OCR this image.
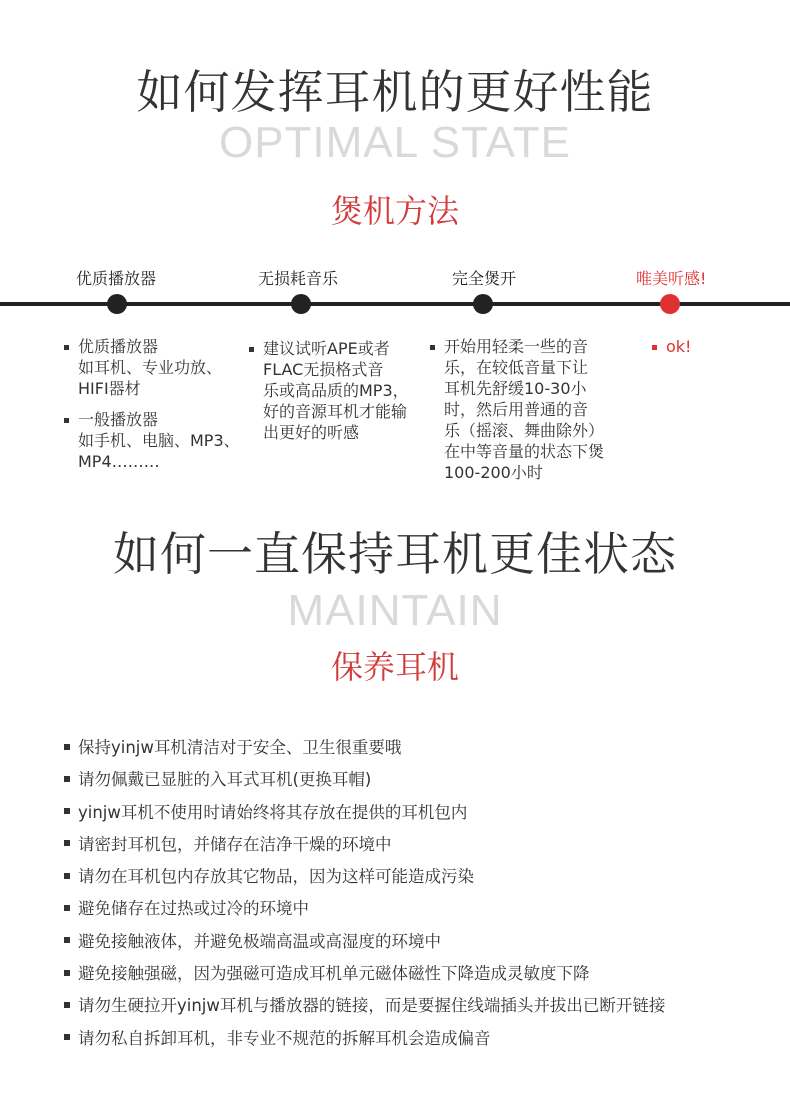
如何发挥耳机的更好性能
OPTIMAL STATE
煲机方法
优质播放器	无损耗音乐	完全煲开	唯美听感!
优质播放器
如耳机、专业功放、
HIFI器材
一般播放器
如手机、电脑、MP3、
MP4………
建议试听APE或者
FLAC无损格式音
乐或高品质的MP3，
好的音源耳机才能输
出更好的听感
开始用轻柔一些的音
乐，在较低音量下让
耳机先舒缓10-30小
时，然后用普通的音
乐（摇滚、舞曲除外）
在中等音量的状态下煲
100-200小时
ok!
如何一直保持耳机更佳状态
MAINTAIN
保养耳机
保持yinjw耳机清洁对于安全、卫生很重要哦
请勿佩戴已显脏的入耳式耳机(更换耳帽)
yinjw耳机不使用时请始终将其存放在提供的耳机包内
请密封耳机包，并储存在洁净干燥的环境中
请勿在耳机包内存放其它物品，因为这样可能造成污染
避免储存在过热或过冷的环境中
避免接触液体，并避免极端高温或高湿度的环境中
避免接触强磁，因为强磁可造成耳机单元磁体磁性下降造成灵敏度下降
请勿生硬拉开yinjw耳机与播放器的链接，而是要握住线端插头并拔出已断开链接
请勿私自拆卸耳机，非专业不规范的拆解耳机会造成偏音
